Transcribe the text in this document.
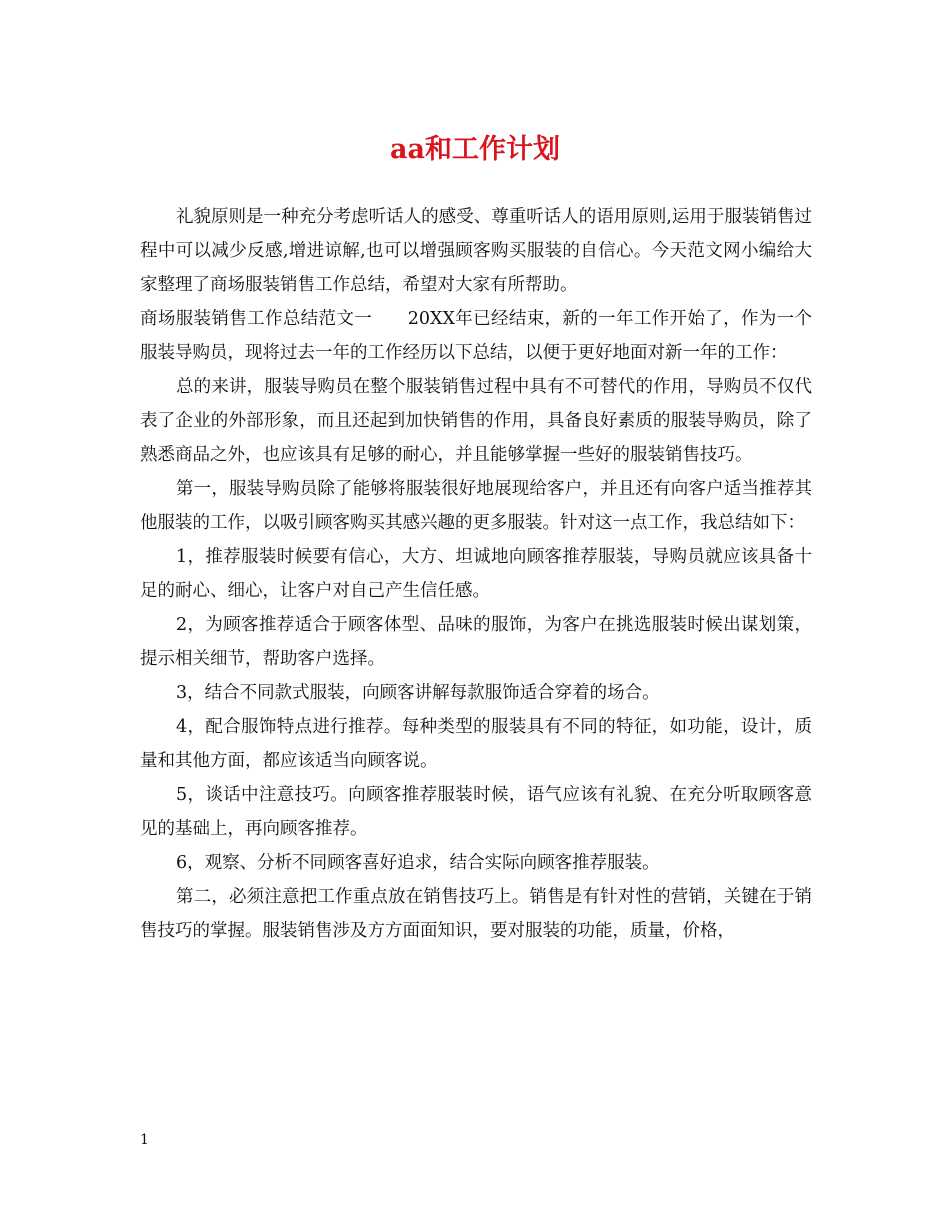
aa和工作计划

礼貌原则是一种充分考虑听话人的感受、尊重听话人的语用原则,运用于服装销售过程中可以减少反感,增进谅解,也可以增强顾客购买服装的自信心。今天范文网小编给大家整理了商场服装销售工作总结，希望对大家有所帮助。

商场服装销售工作总结范文一　　20XX年已经结束，新的一年工作开始了，作为一个服装导购员，现将过去一年的工作经历以下总结，以便于更好地面对新一年的工作：

总的来讲，服装导购员在整个服装销售过程中具有不可替代的作用，导购员不仅代表了企业的外部形象，而且还起到加快销售的作用，具备良好素质的服装导购员，除了熟悉商品之外，也应该具有足够的耐心，并且能够掌握一些好的服装销售技巧。

第一，服装导购员除了能够将服装很好地展现给客户，并且还有向客户适当推荐其他服装的工作，以吸引顾客购买其感兴趣的更多服装。针对这一点工作，我总结如下：

1，推荐服装时候要有信心，大方、坦诚地向顾客推荐服装，导购员就应该具备十足的耐心、细心，让客户对自己产生信任感。

2，为顾客推荐适合于顾客体型、品味的服饰，为客户在挑选服装时候出谋划策，提示相关细节，帮助客户选择。

3，结合不同款式服装，向顾客讲解每款服饰适合穿着的场合。

4，配合服饰特点进行推荐。每种类型的服装具有不同的特征，如功能，设计，质量和其他方面，都应该适当向顾客说。

5，谈话中注意技巧。向顾客推荐服装时候，语气应该有礼貌、在充分听取顾客意见的基础上，再向顾客推荐。

6，观察、分析不同顾客喜好追求，结合实际向顾客推荐服装。

第二，必须注意把工作重点放在销售技巧上。销售是有针对性的营销，关键在于销售技巧的掌握。服装销售涉及方方面面知识，要对服装的功能，质量，价格，

1
